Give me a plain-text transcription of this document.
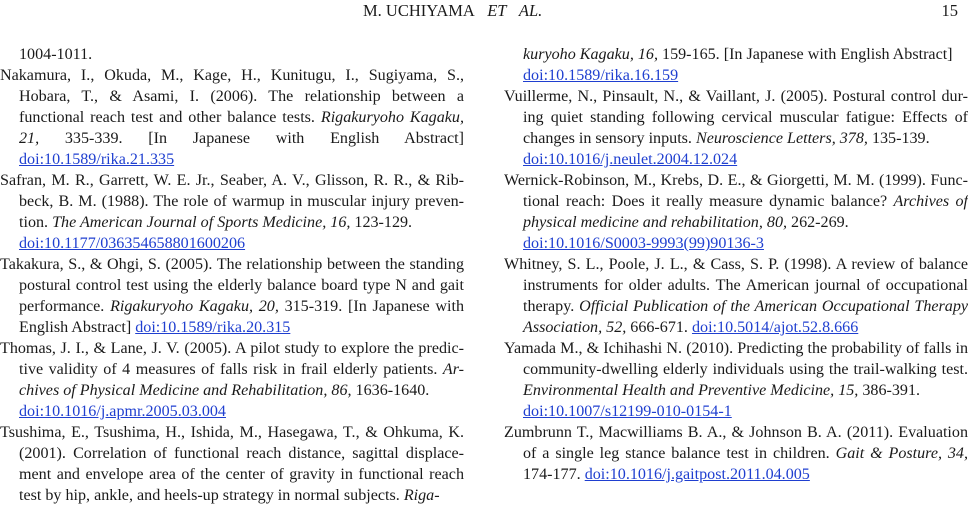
M. UCHIYAMA ET AL.	15

1004-1011.

Nakamura, I., Okuda, M., Kage, H., Kunitugu, I., Sugiyama, S., Hobara, T., & Asami, I. (2006). The relationship between a functional reach test and other balance tests. Rigakuryoho Kagaku, 21, 335-339. [In Japanese with English Abstract] doi:10.1589/rika.21.335

Safran, M. R., Garrett, W. E. Jr., Seaber, A. V., Glisson, R. R., & Rib-beck, B. M. (1988). The role of warmup in muscular injury preven-tion. The American Journal of Sports Medicine, 16, 123-129.
doi:10.1177/036354658801600206

Takakura, S., & Ohgi, S. (2005). The relationship between the standing postural control test using the elderly balance board type N and gait performance. Rigakuryoho Kagaku, 20, 315-319. [In Japanese with English Abstract] doi:10.1589/rika.20.315

Thomas, J. I., & Lane, J. V. (2005). A pilot study to explore the predic-tive validity of 4 measures of falls risk in frail elderly patients. Ar-chives of Physical Medicine and Rehabilitation, 86, 1636-1640.
doi:10.1016/j.apmr.2005.03.004

Tsushima, E., Tsushima, H., Ishida, M., Hasegawa, T., & Ohkuma, K. (2001). Correlation of functional reach distance, sagittal displace-ment and envelope area of the center of gravity in functional reach test by hip, ankle, and heels-up strategy in normal subjects. Riga-

kuryoho Kagaku, 16, 159-165. [In Japanese with English Abstract]
doi:10.1589/rika.16.159

Vuillerme, N., Pinsault, N., & Vaillant, J. (2005). Postural control dur-ing quiet standing following cervical muscular fatigue: Effects of changes in sensory inputs. Neuroscience Letters, 378, 135-139.
doi:10.1016/j.neulet.2004.12.024

Wernick-Robinson, M., Krebs, D. E., & Giorgetti, M. M. (1999). Func-tional reach: Does it really measure dynamic balance? Archives of physical medicine and rehabilitation, 80, 262-269.
doi:10.1016/S0003-9993(99)90136-3

Whitney, S. L., Poole, J. L., & Cass, S. P. (1998). A review of balance instruments for older adults. The American journal of occupational therapy. Official Publication of the American Occupational Therapy Association, 52, 666-671. doi:10.5014/ajot.52.8.666

Yamada M., & Ichihashi N. (2010). Predicting the probability of falls in community-dwelling elderly individuals using the trail-walking test. Environmental Health and Preventive Medicine, 15, 386-391.
doi:10.1007/s12199-010-0154-1

Zumbrunn T., Macwilliams B. A., & Johnson B. A. (2011). Evaluation of a single leg stance balance test in children. Gait & Posture, 34, 174-177. doi:10.1016/j.gaitpost.2011.04.005
